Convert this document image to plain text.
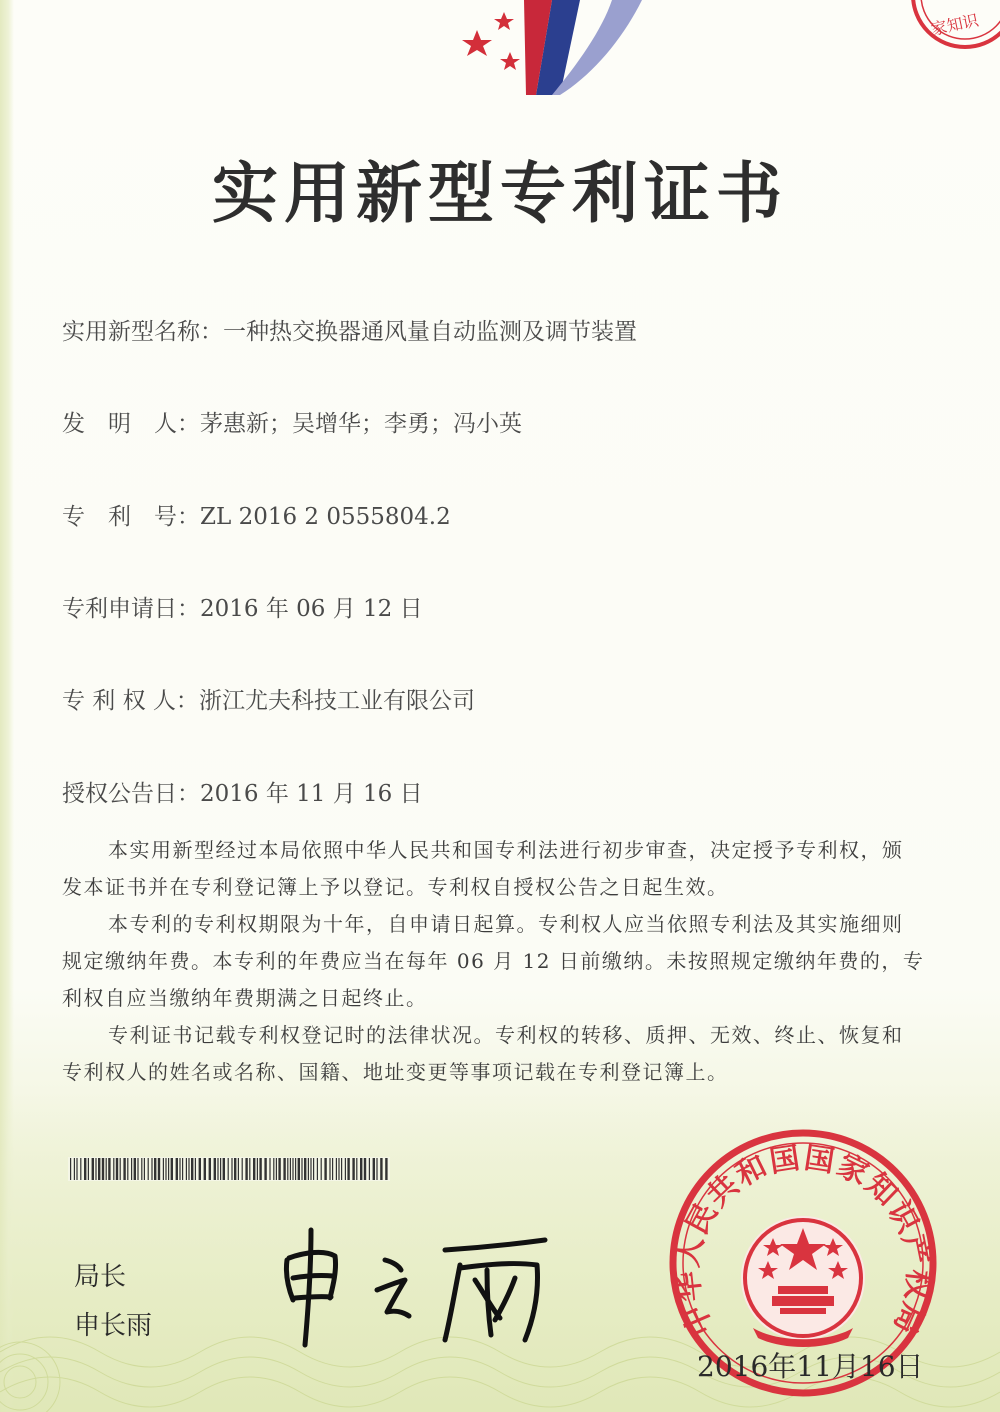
家知识
实用新型专利证书
实用新型名称：一种热交换器通风量自动监测及调节装置
发　明　人：茅惠新；吴增华；李勇；冯小英
专　利　号：ZL 2016 2 0555804.2
专利申请日：2016 年 06 月 12 日
专 利 权 人：浙江尤夫科技工业有限公司
授权公告日：2016 年 11 月 16 日

本实用新型经过本局依照中华人民共和国专利法进行初步审查，决定授予专利权，颁

发本证书并在专利登记簿上予以登记。专利权自授权公告之日起生效。

本专利的专利权期限为十年，自申请日起算。专利权人应当依照专利法及其实施细则

规定缴纳年费。本专利的年费应当在每年 06 月 12 日前缴纳。未按照规定缴纳年费的，专

利权自应当缴纳年费期满之日起终止。

专利证书记载专利权登记时的法律状况。专利权的转移、质押、无效、终止、恢复和

专利权人的姓名或名称、国籍、地址变更等事项记载在专利登记簿上。

局长
申长雨	中华人民共和国国家知识产权局
2016年11月16日
